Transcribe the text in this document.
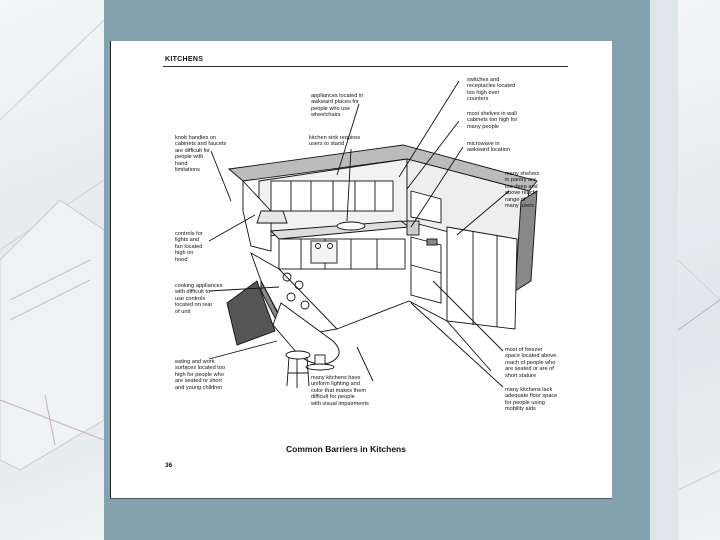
KITCHENS
switches and
receptacles located
too high over
counters
appliances located in
awkward places for
people who use
wheelchairs	most shelves in wall
cabinets too high for
many people
knob handles on
cabinets and faucets
are difficult for
people with
hand
limitations
kitchen sink requires
users to stand	microwave in
awkward location
many shelves
in pantry are
too deep and
above reach
range of
many users
controls for
lights and
fan located
high on
hood
cooking appliances
with difficult to
use controls
located on rear
of unit
eating and work
surfaces located too
high for people who
are seated or short
and young children
many kitchens have
uniform lighting and
color that makes them
difficult for people
with visual impairments
most of freezer
space located above
reach of people who
are seated or are of
short stature
many kitchens lack
adequate floor space
for people using
mobility aids
Common Barriers in Kitchens
36
